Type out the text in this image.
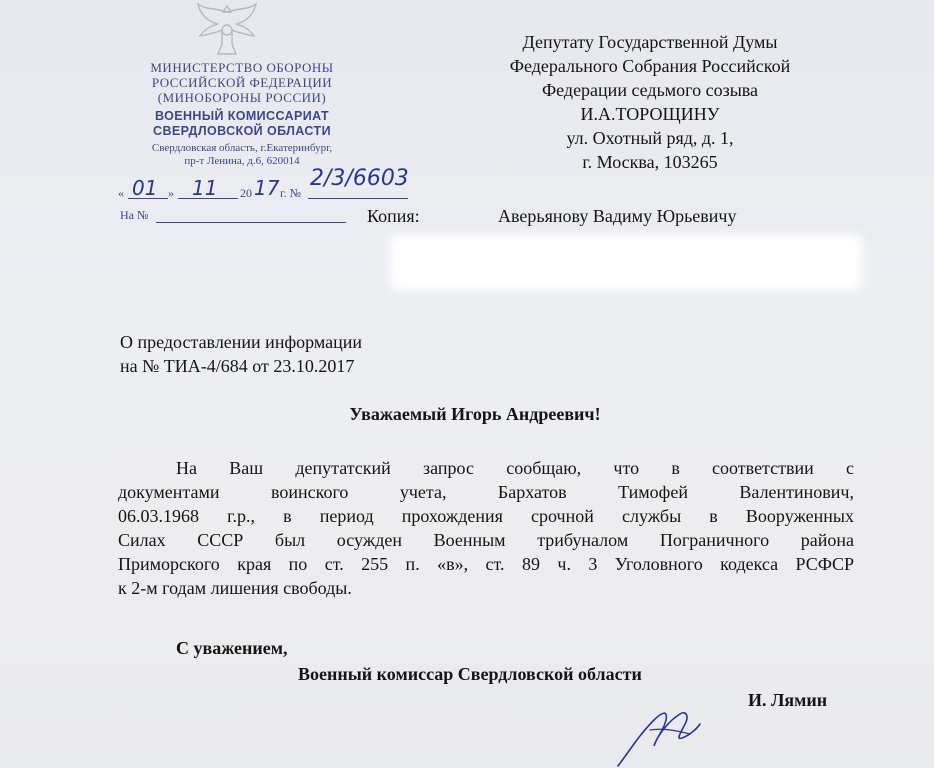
МИНИСТЕРСТВО ОБОРОНЫ
РОССИЙСКОЙ ФЕДЕРАЦИИ
(МИНОБОРОНЫ РОССИИ)
ВОЕННЫЙ КОМИССАРИАТ
СВЕРДЛОВСКОЙ ОБЛАСТИ
Свердловская область, г.Екатеринбург,
пр-т Ленина, д.6, 620014
« 01 » 11 20 17 г. №
2/3/6603
На №
Депутату Государственной Думы
Федерального Собрания Российской
Федерации седьмого созыва
И.А.ТОРОЩИНУ
ул. Охотный ряд, д. 1,
г. Москва, 103265
Копия:	Аверьянову Вадиму Юрьевичу
О предоставлении информации
на № ТИА-4/684 от 23.10.2017
Уважаемый Игорь Андреевич!
На Ваш депутатский запрос сообщаю, что в соответствии с
документами воинского учета, Бархатов Тимофей Валентинович,
06.03.1968 г.р., в период прохождения срочной службы в Вооруженных
Силах СССР был осужден Военным трибуналом Пограничного района
Приморского края по ст. 255 п. «в», ст. 89 ч. 3 Уголовного кодекса РСФСР
к 2-м годам лишения свободы.
С уважением,
Военный комиссар Свердловской области
И. Лямин
